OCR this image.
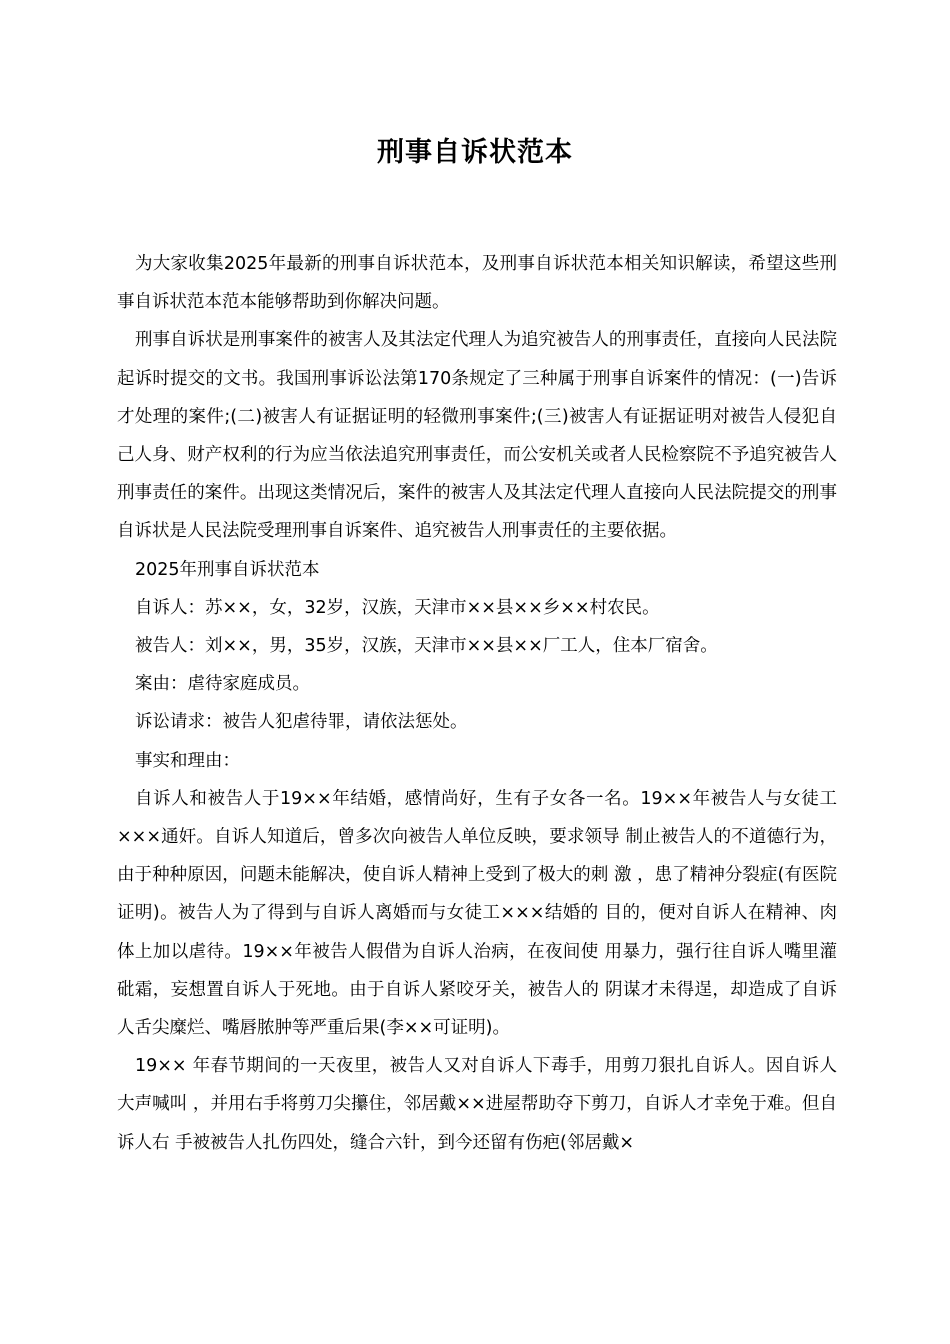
刑事自诉状范本

为大家收集2025年最新的刑事自诉状范本，及刑事自诉状范本相关知识解读，希望这些刑事自诉状范本范本能够帮助到你解决问题。

刑事自诉状是刑事案件的被害人及其法定代理人为追究被告人的刑事责任，直接向人民法院起诉时提交的文书。我国刑事诉讼法第170条规定了三种属于刑事自诉案件的情况：(一)告诉才处理的案件;(二)被害人有证据证明的轻微刑事案件;(三)被害人有证据证明对被告人侵犯自己人身、财产权利的行为应当依法追究刑事责任，而公安机关或者人民检察院不予追究被告人刑事责任的案件。出现这类情况后，案件的被害人及其法定代理人直接向人民法院提交的刑事自诉状是人民法院受理刑事自诉案件、追究被告人刑事责任的主要依据。

2025年刑事自诉状范本

自诉人：苏××，女，32岁，汉族，天津市××县××乡××村农民。

被告人：刘××，男，35岁，汉族，天津市××县××厂工人，住本厂宿舍。

案由：虐待家庭成员。

诉讼请求：被告人犯虐待罪，请依法惩处。

事实和理由：

自诉人和被告人于19××年结婚，感情尚好，生有子女各一名。19××年被告人与女徒工×××通奸。自诉人知道后，曾多次向被告人单位反映，要求领导 制止被告人的不道德行为，由于种种原因，问题未能解决，使自诉人精神上受到了极大的刺 激 ，患了精神分裂症(有医院证明)。被告人为了得到与自诉人离婚而与女徒工×××结婚的 目的，便对自诉人在精神、肉体上加以虐待。19××年被告人假借为自诉人治病，在夜间使 用暴力，强行往自诉人嘴里灌砒霜，妄想置自诉人于死地。由于自诉人紧咬牙关，被告人的 阴谋才未得逞，却造成了自诉人舌尖糜烂、嘴唇脓肿等严重后果(李××可证明)。

19×× 年春节期间的一天夜里，被告人又对自诉人下毒手，用剪刀狠扎自诉人。因自诉人大声喊叫 ，并用右手将剪刀尖攥住，邻居戴××进屋帮助夺下剪刀，自诉人才幸免于难。但自诉人右 手被被告人扎伤四处，缝合六针，到今还留有伤疤(邻居戴×
